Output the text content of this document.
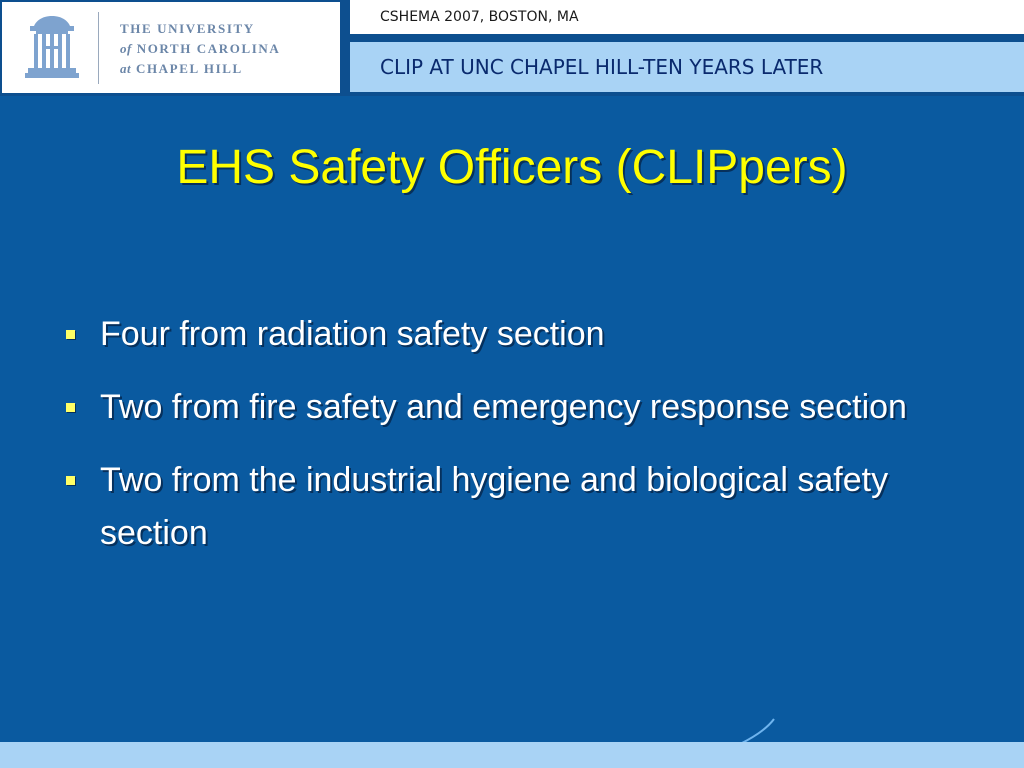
THE UNIVERSITY
of NORTH CAROLINA
at CHAPEL HILL
CSHEMA 2007, BOSTON, MA
CLIP AT UNC CHAPEL HILL-TEN YEARS LATER
EHS Safety Officers (CLIPpers)
Four from radiation safety section
Two from fire safety and emergency response section
Two from the industrial hygiene and biological safety section
